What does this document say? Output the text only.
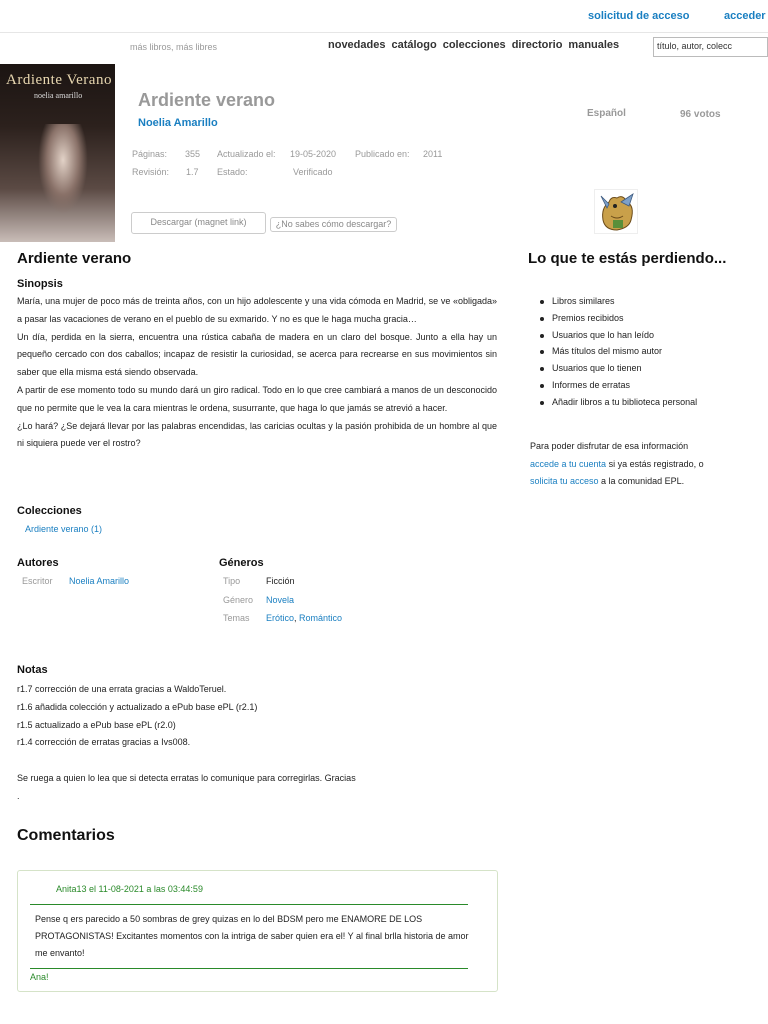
solicitud de acceso	acceder
más libros, más libres	novedades catálogo colecciones directorio manuales	título, autor, colecc
Ardiente Verano
noelia amarillo	Ardiente verano
Noelia Amarillo
Español	96 votos
Páginas: 355 Actualizado el: 19-05-2020 Publicado en: 2011
Revisión: 1.7 Estado:	Verificado
Descargar (magnet link)	¿No sabes cómo descargar?
Ardiente verano
Sinopsis

María, una mujer de poco más de treinta años, con un hijo adolescente y una vida cómoda en Madrid, se ve «obligada» a pasar las vacaciones de verano en el pueblo de su exmarido. Y no es que le haga mucha gracia…

Un día, perdida en la sierra, encuentra una rústica cabaña de madera en un claro del bosque. Junto a ella hay un pequeño cercado con dos caballos; incapaz de resistir la curiosidad, se acerca para recrearse en sus movimientos sin saber que ella misma está siendo observada.

A partir de ese momento todo su mundo dará un giro radical. Todo en lo que cree cambiará a manos de un desconocido que no permite que le vea la cara mientras le ordena, susurrante, que haga lo que jamás se atrevió a hacer.

¿Lo hará? ¿Se dejará llevar por las palabras encendidas, las caricias ocultas y la pasión prohibida de un hombre al que ni siquiera puede ver el rostro?

Lo que te estás perdiendo...
Libros similares
Premios recibidos
Usuarios que lo han leído
Más títulos del mismo autor
Usuarios que lo tienen
Informes de erratas
Añadir libros a tu biblioteca personal
Para poder disfrutar de esa información
accede a tu cuenta si ya estás registrado, o
solicita tu acceso a la comunidad EPL.
Colecciones
Ardiente verano (1)
Autores
Escritor Noelia Amarillo
Géneros
Tipo	Ficción
Género Novela
Temas Erótico, Romántico
Notas
r1.7 corrección de una errata gracias a WaldoTeruel.
r1.6 añadida colección y actualizado a ePub base ePL (r2.1)
r1.5 actualizado a ePub base ePL (r2.0)
r1.4 corrección de erratas gracias a Ivs008.
Se ruega a quien lo lea que si detecta erratas lo comunique para corregirlas. Gracias
.
Comentarios
Anita13 el 11-08-2021 a las 03:44:59
Pense q ers parecido a 50 sombras de grey quizas en lo del BDSM pero me ENAMORE DE LOS PROTAGONISTAS! Excitantes momentos con la intriga de saber quien era el! Y al final brlla historia de amor me envanto!
Ana!
